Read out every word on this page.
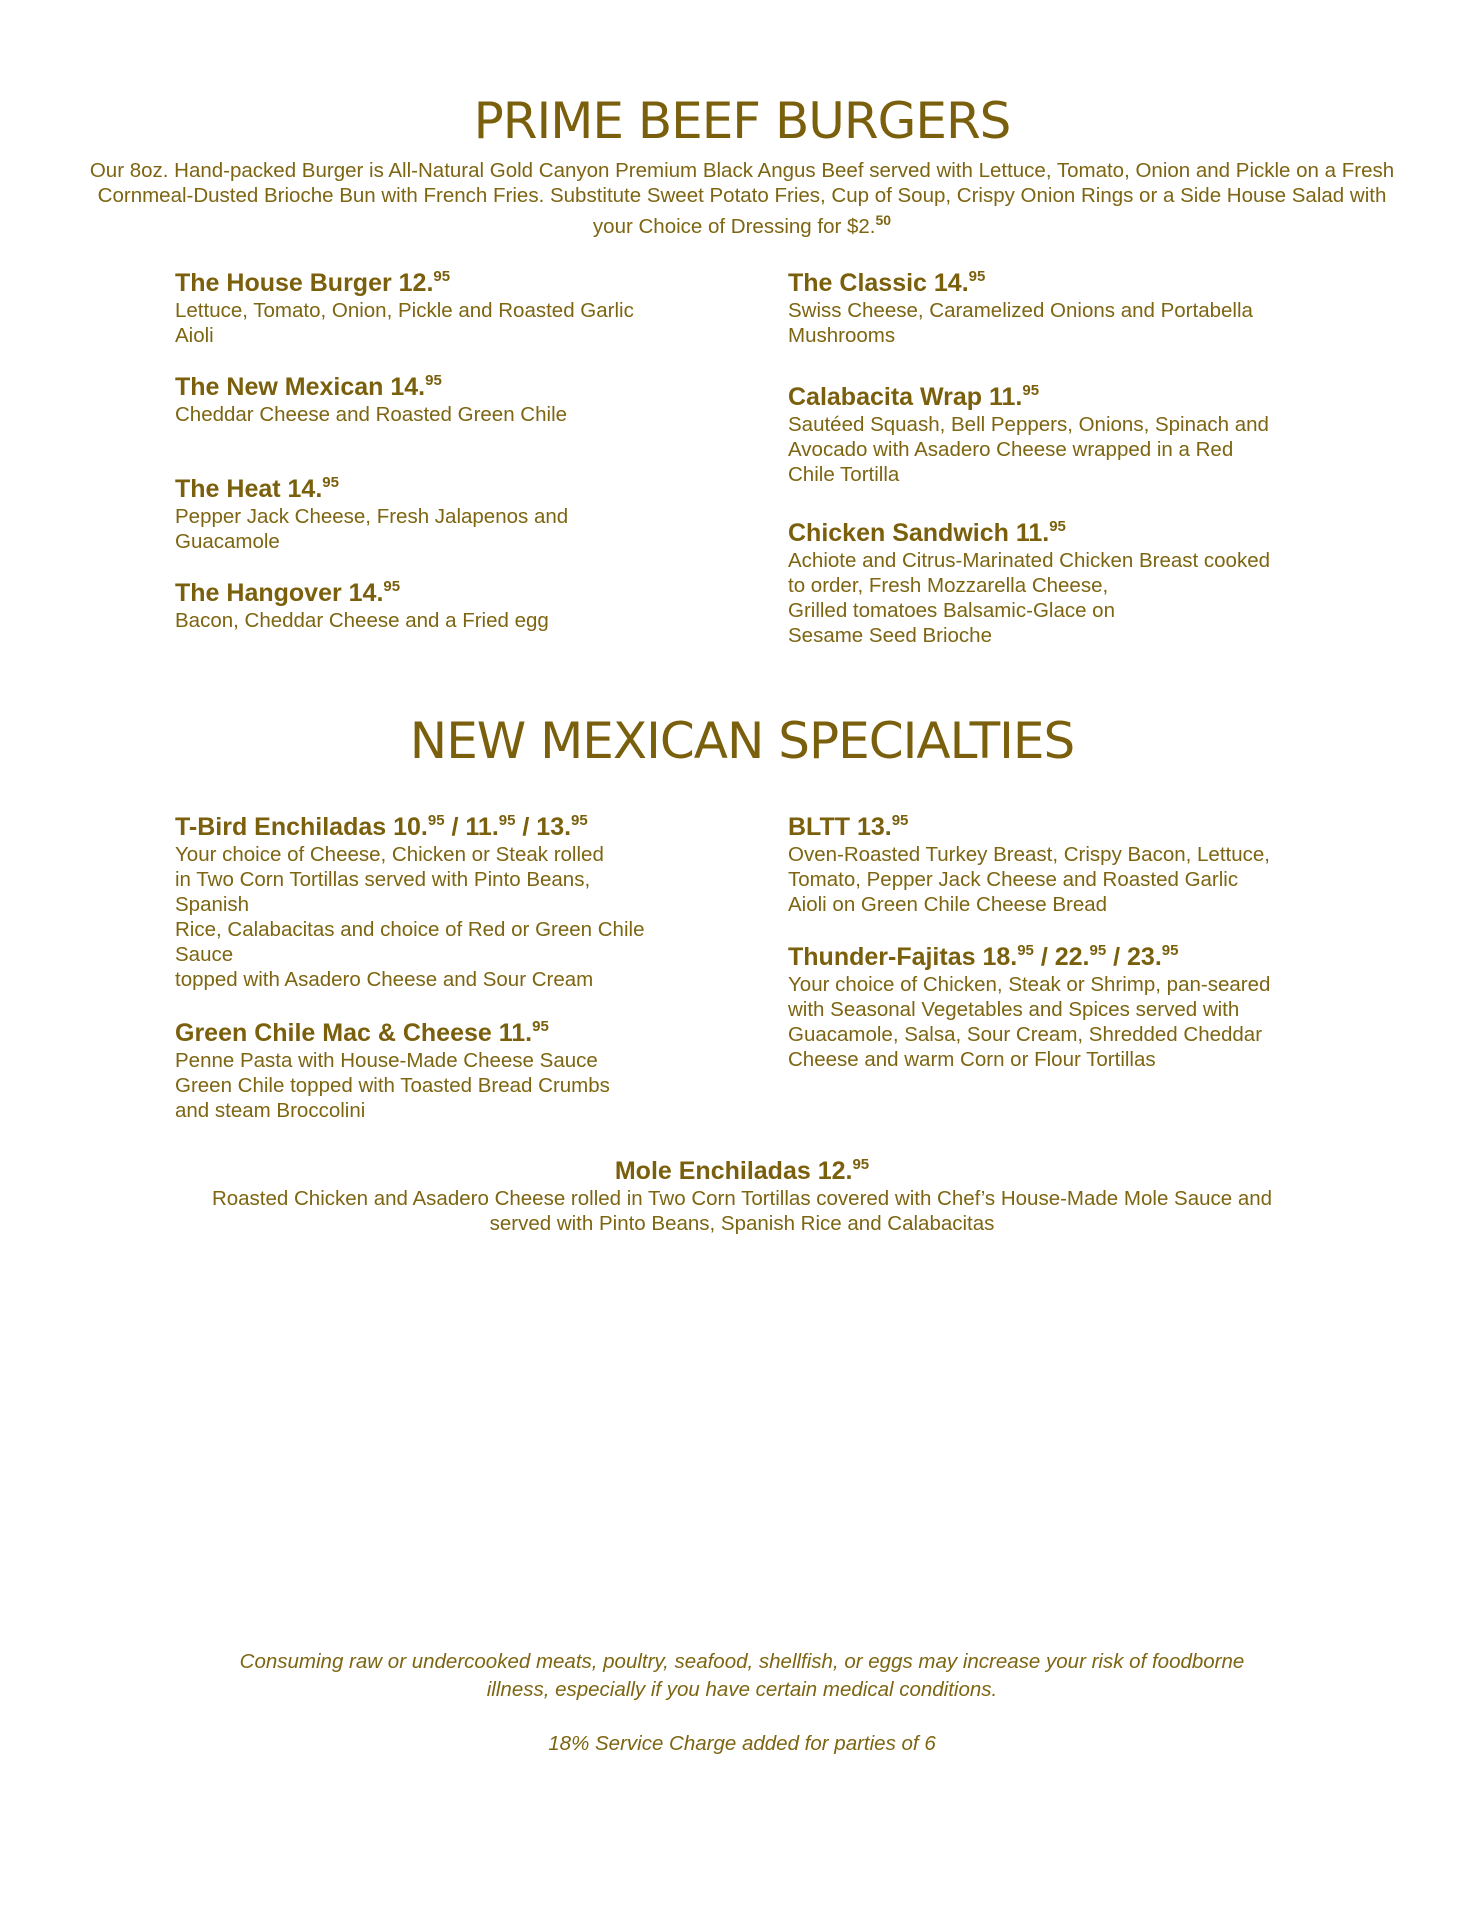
PRIME BEEF BURGERS

Our 8oz. Hand-packed Burger is All-Natural Gold Canyon Premium Black Angus Beef served with Lettuce, Tomato, Onion and Pickle on a Fresh Cornmeal-Dusted Brioche Bun with French Fries. Substitute Sweet Potato Fries, Cup of Soup, Crispy Onion Rings or a Side House Salad with your Choice of Dressing for $2.50

The House Burger 12.95
Lettuce, Tomato, Onion, Pickle and Roasted Garlic
Aioli
The New Mexican 14.95
Cheddar Cheese and Roasted Green Chile
The Heat 14.95
Pepper Jack Cheese, Fresh Jalapenos and
Guacamole
The Hangover 14.95
Bacon, Cheddar Cheese and a Fried egg
The Classic 14.95
Swiss Cheese, Caramelized Onions and Portabella
Mushrooms
Calabacita Wrap 11.95
Sautéed Squash, Bell Peppers, Onions, Spinach and
Avocado with Asadero Cheese wrapped in a Red
Chile Tortilla
Chicken Sandwich 11.95
Achiote and Citrus-Marinated Chicken Breast cooked
to order, Fresh Mozzarella Cheese,
Grilled tomatoes Balsamic-Glace on
Sesame Seed Brioche
NEW MEXICAN SPECIALTIES
T-Bird Enchiladas 10.95 / 11.95 / 13.95
Your choice of Cheese, Chicken or Steak rolled
in Two Corn Tortillas served with Pinto Beans,
Spanish
Rice, Calabacitas and choice of Red or Green Chile
Sauce
topped with Asadero Cheese and Sour Cream
Green Chile Mac & Cheese 11.95
Penne Pasta with House-Made Cheese Sauce
Green Chile topped with Toasted Bread Crumbs
and steam Broccolini
BLTT 13.95
Oven-Roasted Turkey Breast, Crispy Bacon, Lettuce,
Tomato, Pepper Jack Cheese and Roasted Garlic
Aioli on Green Chile Cheese Bread
Thunder-Fajitas 18.95 / 22.95 / 23.95
Your choice of Chicken, Steak or Shrimp, pan-seared
with Seasonal Vegetables and Spices served with
Guacamole, Salsa, Sour Cream, Shredded Cheddar
Cheese and warm Corn or Flour Tortillas
Mole Enchiladas 12.95
Roasted Chicken and Asadero Cheese rolled in Two Corn Tortillas covered with Chef’s House-Made Mole Sauce and
served with Pinto Beans, Spanish Rice and Calabacitas

Consuming raw or undercooked meats, poultry, seafood, shellfish, or eggs may increase your risk of foodborne
illness, especially if you have certain medical conditions.

18% Service Charge added for parties of 6
